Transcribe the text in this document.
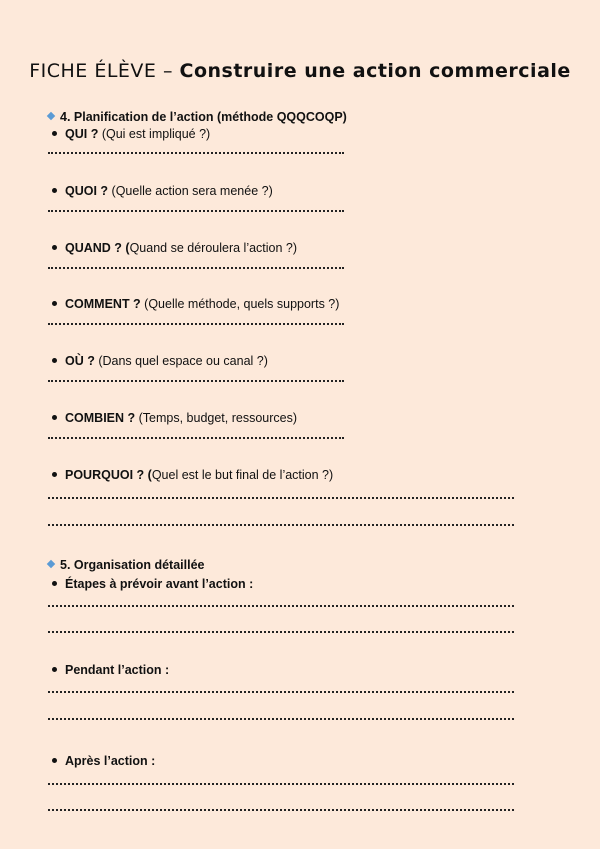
FICHE ÉLÈVE – Construire une action commerciale
4. Planification de l’action (méthode QQQCOQP)
QUI ? (Qui est impliqué ?)
QUOI ? (Quelle action sera menée ?)
QUAND ? (Quand se déroulera l’action ?)
COMMENT ? (Quelle méthode, quels supports ?)
OÙ ? (Dans quel espace ou canal ?)
COMBIEN ? (Temps, budget, ressources)
POURQUOI ? (Quel est le but final de l’action ?)
5. Organisation détaillée
Étapes à prévoir avant l’action :
Pendant l’action :
Après l’action :
